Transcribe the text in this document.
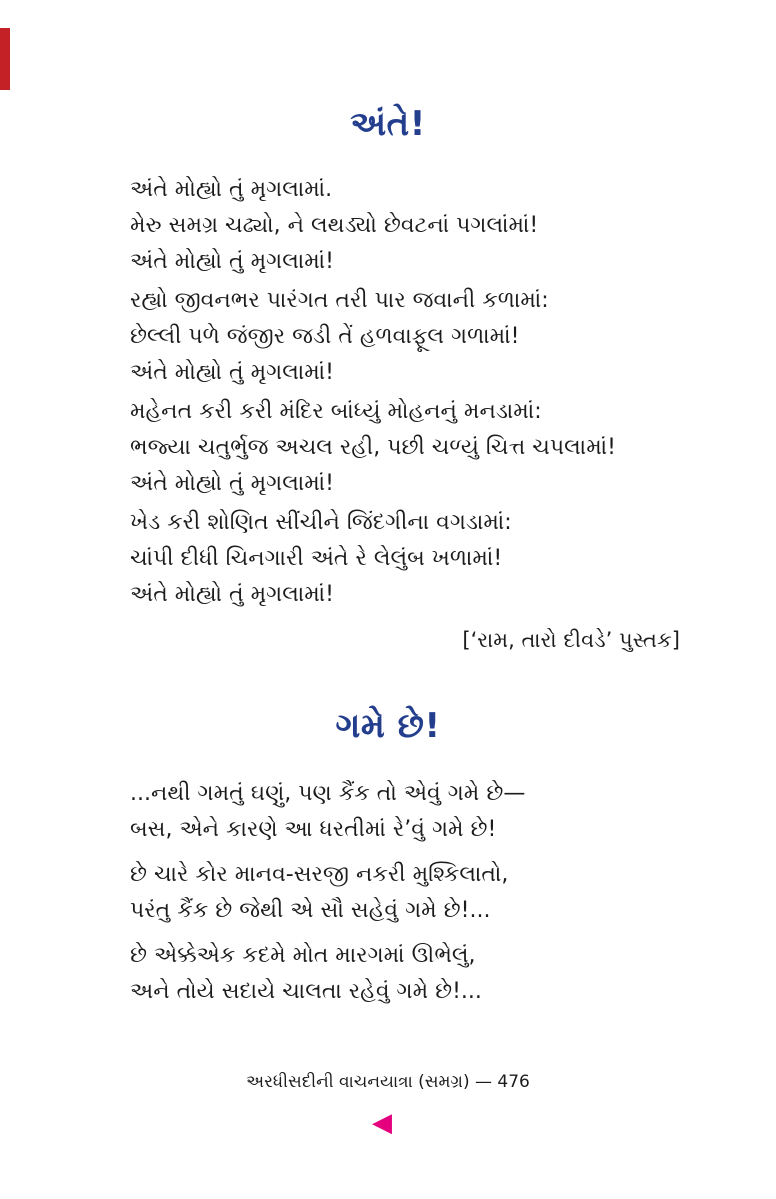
અંતે!
અંતે મોહ્યો તું મૃગલામાં.
મેરુ સમગ્ર ચઢ્યો, ને લથડ્યો છેવટનાં પગલાંમાં!
અંતે મોહ્યો તું મૃગલામાં!
રહ્યો જીવનભર પારંગત તરી પાર જવાની કળામાં:
છેલ્લી પળે જંજીર જડી તેં હળવાફૂલ ગળામાં!
અંતે મોહ્યો તું મૃગલામાં!
મહેનત કરી કરી મંદિર બાંધ્યું મોહનનું મનડામાં:
ભજ્યા ચતુર્ભુજ અચલ રહી, પછી ચળ્યું ચિત્ત ચપલામાં!
અંતે મોહ્યો તું મૃગલામાં!
ખેડ કરી શોણિત સીંચીને જિંદગીના વગડામાં:
ચાંપી દીધી ચિનગારી અંતે રે લેલુંબ ખળામાં!
અંતે મોહ્યો તું મૃગલામાં!
[‘રામ, તારો દીવડે’ પુસ્તક]
ગમે છે!
...નથી ગમતું ઘણું, પણ કૈંક તો એવું ગમે છે—
બસ, એને કારણે આ ધરતીમાં રે’વું ગમે છે!
છે ચારે કોર માનવ-સરજી નકરી મુશ્કિલાતો,
પરંતુ કૈંક છે જેથી એ સૌ સહેવું ગમે છે!...
છે એક્કેએક કદમે મોત મારગમાં ઊભેલું,
અને તોયે સદાયે ચાલતા રહેવું ગમે છે!...
અરધીસદીની વાચનયાત્રા (સમગ્ર) — 476
◀
